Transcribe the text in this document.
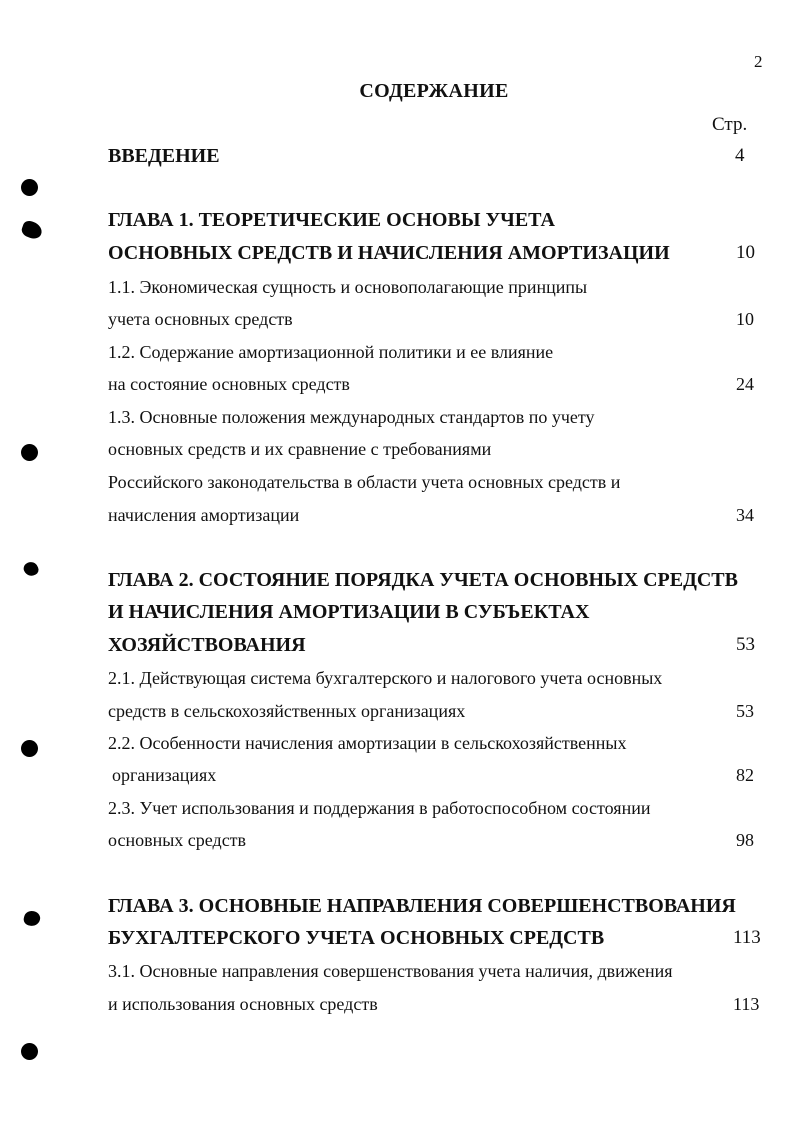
2
СОДЕРЖАНИЕ
Стр.
ВВЕДЕНИЕ	4
ГЛАВА 1. ТЕОРЕТИЧЕСКИЕ ОСНОВЫ УЧЕТА
ОСНОВНЫХ СРЕДСТВ И НАЧИСЛЕНИЯ АМОРТИЗАЦИИ	10
1.1. Экономическая сущность и основополагающие принципы
учета основных средств	10
1.2. Содержание амортизационной политики и ее влияние
на состояние основных средств	24
1.3. Основные положения международных стандартов по учету
основных средств и их сравнение с требованиями
Российского законодательства в области учета основных средств и
начисления амортизации	34
ГЛАВА 2. СОСТОЯНИЕ ПОРЯДКА УЧЕТА ОСНОВНЫХ СРЕДСТВ
И НАЧИСЛЕНИЯ АМОРТИЗАЦИИ В СУБЪЕКТАХ
ХОЗЯЙСТВОВАНИЯ	53
2.1. Действующая система бухгалтерского и налогового учета основных
средств в сельскохозяйственных организациях	53
2.2. Особенности начисления амортизации в сельскохозяйственных
организациях	82
2.3. Учет использования и поддержания в работоспособном состоянии
основных средств	98
ГЛАВА 3. ОСНОВНЫЕ НАПРАВЛЕНИЯ СОВЕРШЕНСТВОВАНИЯ
БУХГАЛТЕРСКОГО УЧЕТА ОСНОВНЫХ СРЕДСТВ	113
3.1. Основные направления совершенствования учета наличия, движения
и использования основных средств	113
